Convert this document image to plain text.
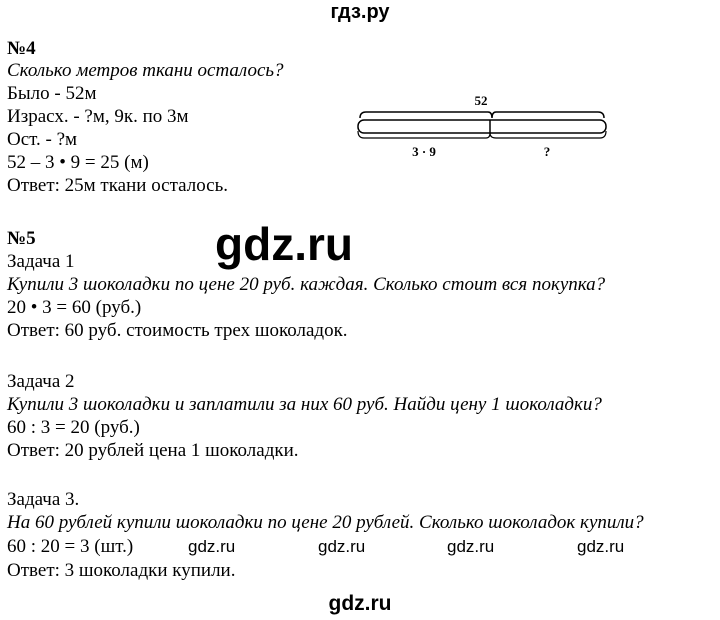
гдз.ру
№4
Сколько метров ткани осталось?
Было - 52м
Израсх. - ?м, 9к. по 3м
Ост. - ?м
52 – 3 • 9 = 25 (м)
Ответ: 25м ткани осталось.
52
3 · 9	?
№5
Задача 1
Купили 3 шоколадки по цене 20 руб. каждая. Сколько стоит вся покупка?
20 • 3 = 60 (руб.)
Ответ: 60 руб. стоимость трех шоколадок.
Задача 2
Купили 3 шоколадки и заплатили за них 60 руб. Найди цену 1 шоколадки?
60 : 3 = 20 (руб.)
Ответ: 20 рублей цена 1 шоколадки.
Задача 3.
На 60 рублей купили шоколадки по цене 20 рублей. Сколько шоколадок купили?
60 : 20 = 3 (шт.)
Ответ: 3 шоколадки купили.
gdz.ru
gdz.ru	gdz.ru	gdz.ru	gdz.ru
gdz.ru
